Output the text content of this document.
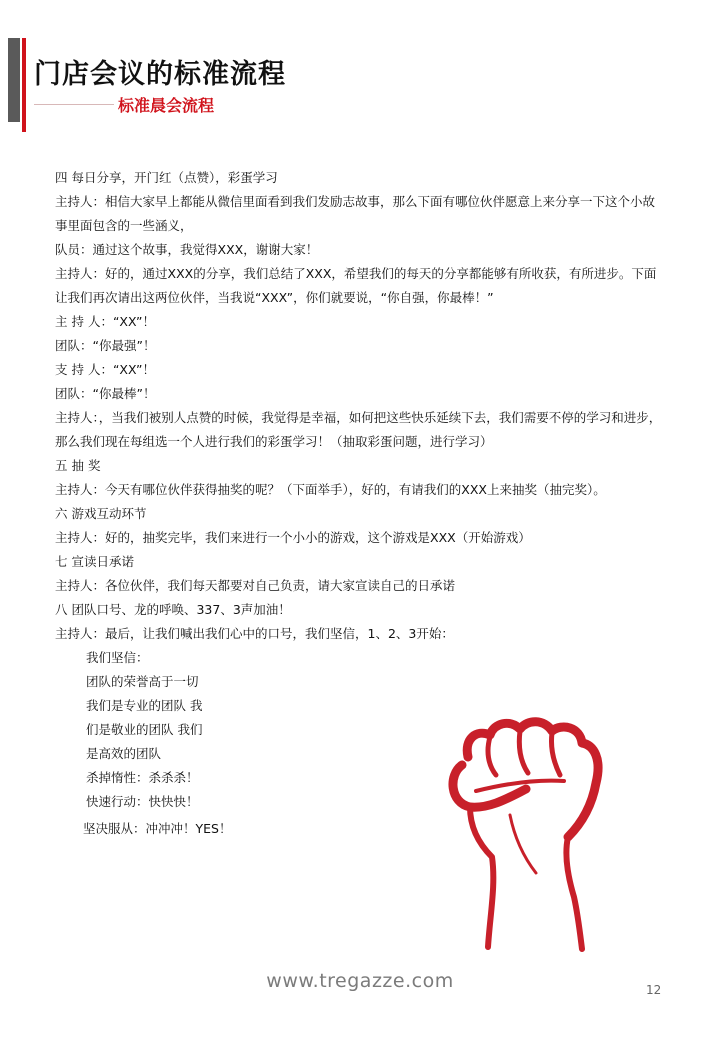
门店会议的标准流程
标准晨会流程
四 每日分享，开门红（点赞），彩蛋学习
主持人：相信大家早上都能从微信里面看到我们发励志故事，那么下面有哪位伙伴愿意上来分享一下这个小故事里面包含的一些涵义，
队员：通过这个故事，我觉得XXX，谢谢大家！
主持人：好的，通过XXX的分享，我们总结了XXX，希望我们的每天的分享都能够有所收获，有所进步。下面让我们再次请出这两位伙伴，当我说“XXX”，你们就要说，“你自强，你最棒！”
主 持 人：“XX”！
团队：“你最强”！
支 持 人：“XX”！
团队：“你最棒”！
主持人：，当我们被别人点赞的时候，我觉得是幸福，如何把这些快乐延续下去，我们需要不停的学习和进步，那么我们现在每组选一个人进行我们的彩蛋学习！（抽取彩蛋问题，进行学习）
五 抽 奖
主持人：今天有哪位伙伴获得抽奖的呢？（下面举手），好的，有请我们的XXX上来抽奖（抽完奖）。
六 游戏互动环节
主持人：好的，抽奖完毕，我们来进行一个小小的游戏，这个游戏是XXX（开始游戏）
七 宣读日承诺
主持人：各位伙伴，我们每天都要对自己负责，请大家宣读自己的日承诺
八 团队口号、龙的呼唤、337、3声加油！
主持人：最后，让我们喊出我们心中的口号，我们坚信，1、2、3开始：
我们坚信：
团队的荣誉高于一切
我们是专业的团队 我
们是敬业的团队 我们
是高效的团队
杀掉惰性：杀杀杀！
快速行动：快快快！
坚决服从：冲冲冲！YES！
www.tregazze.com	12
